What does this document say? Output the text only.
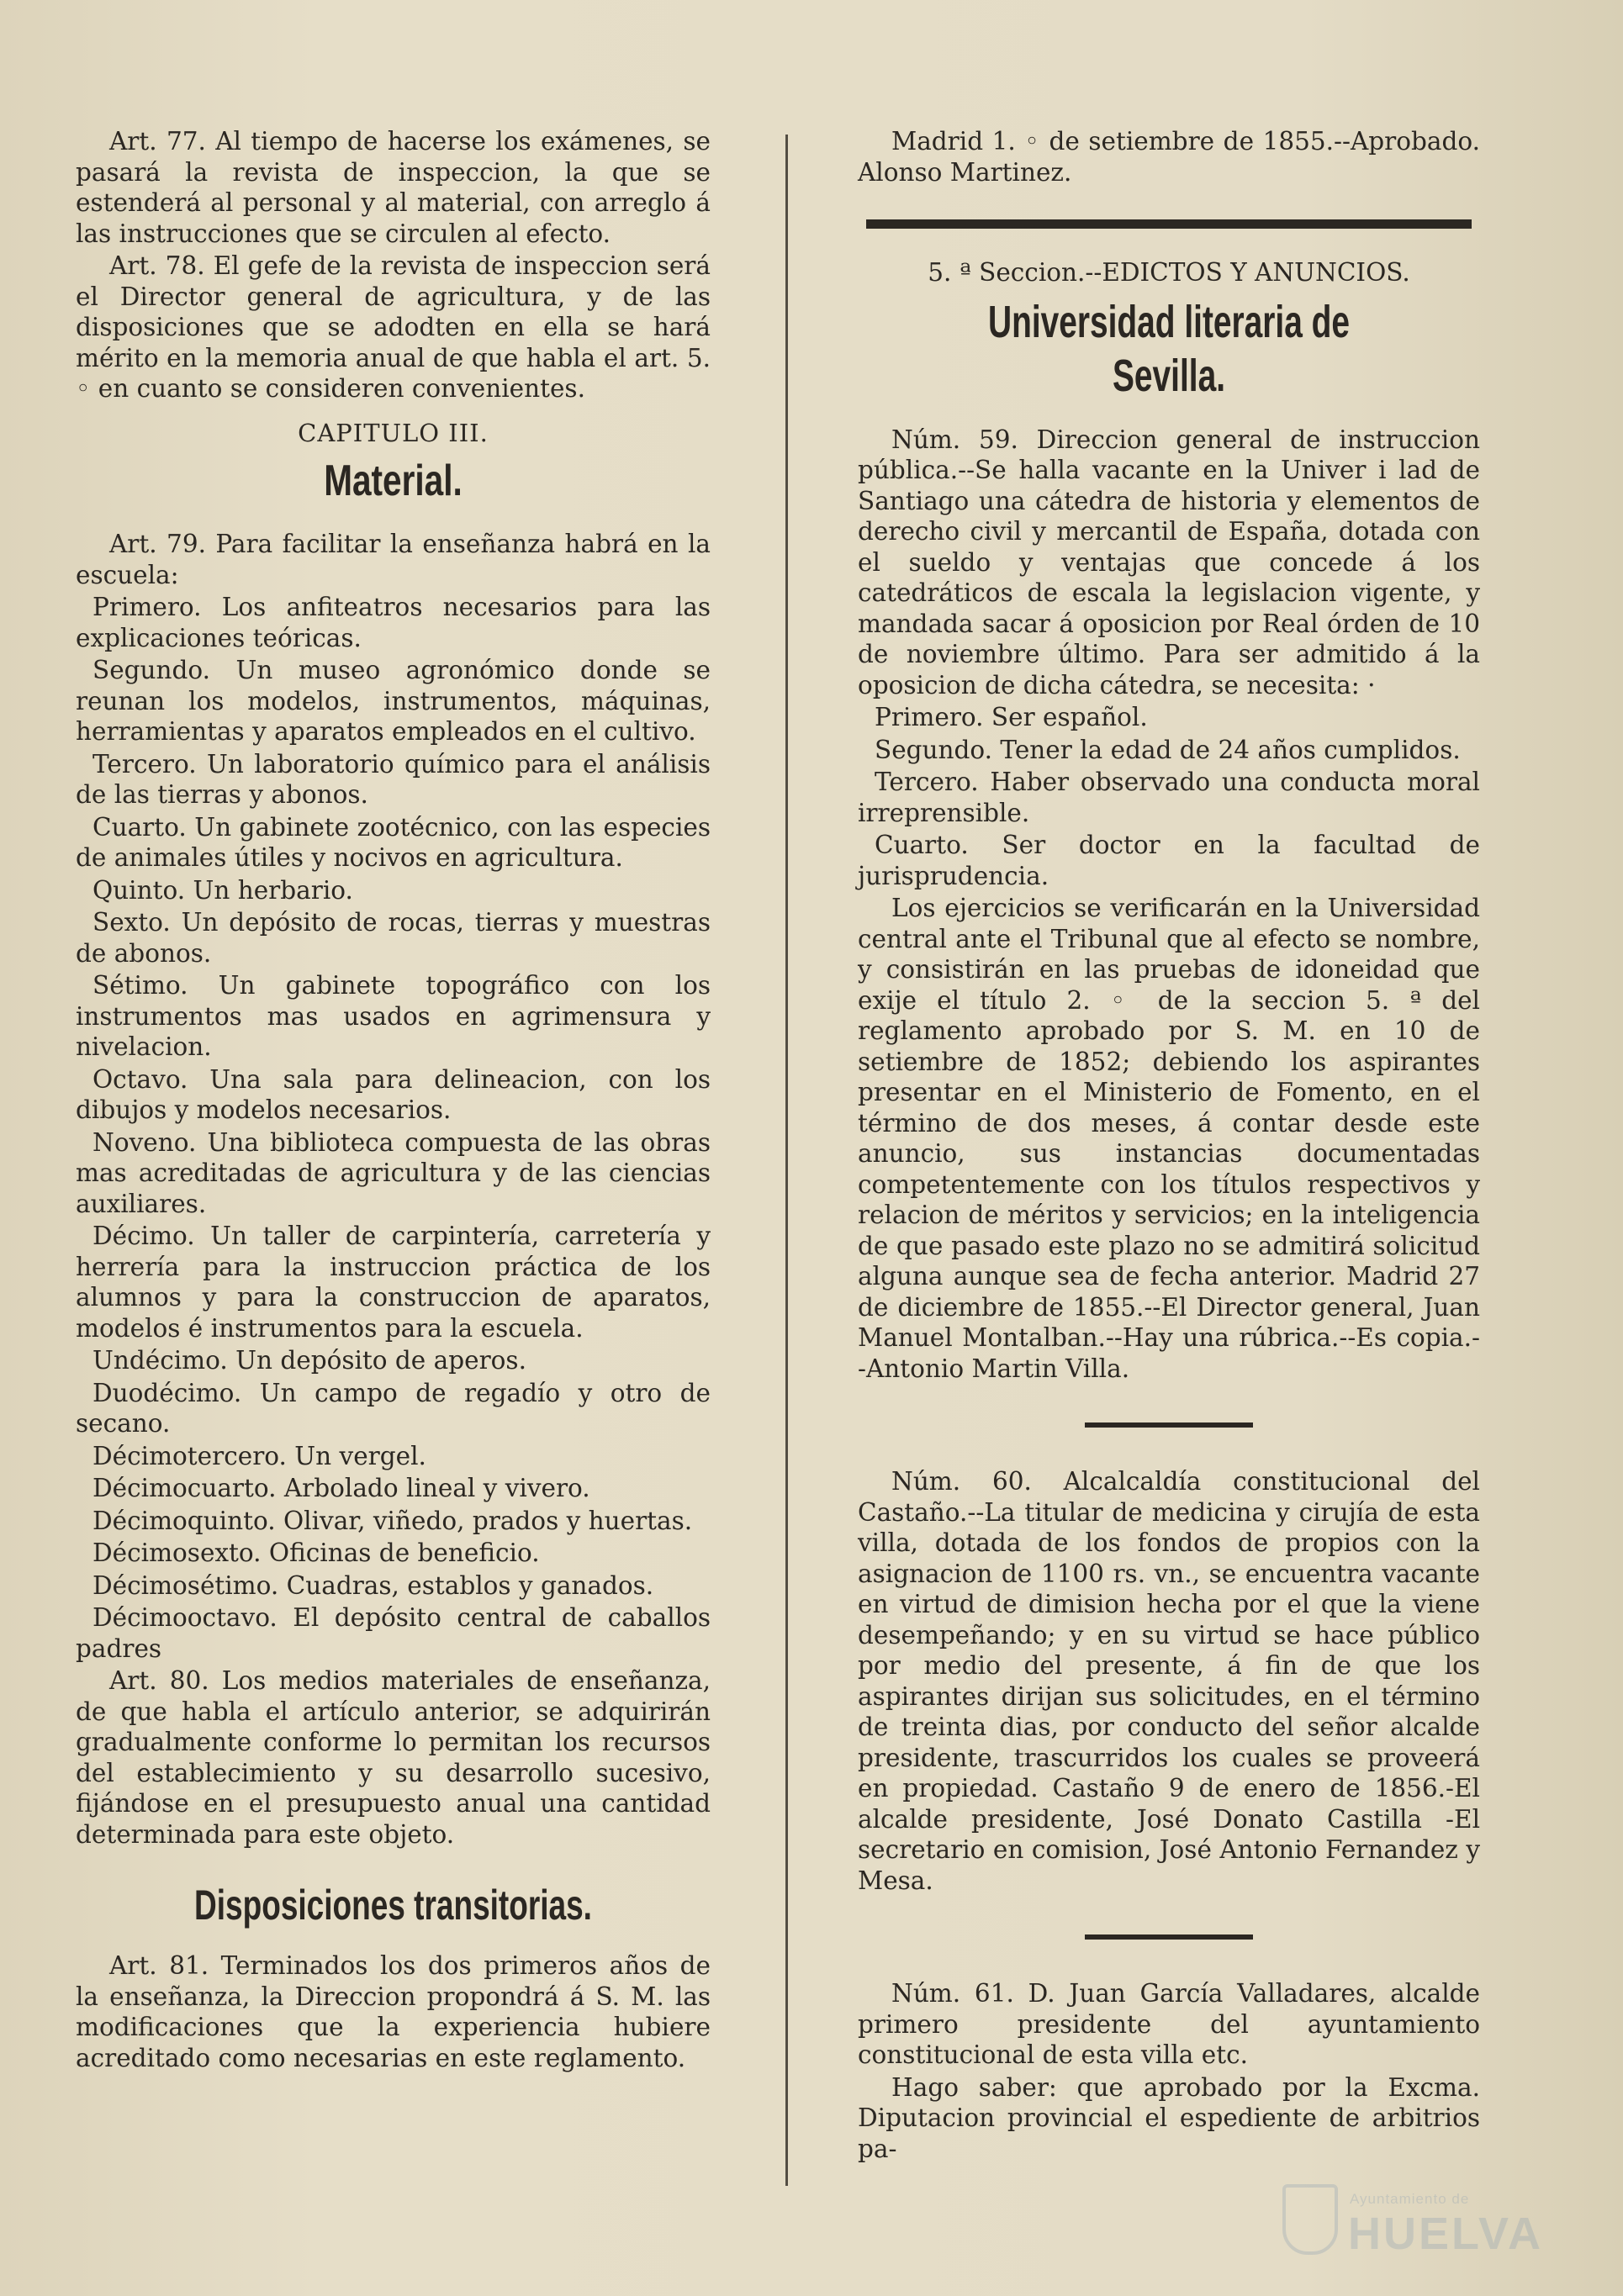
Art. 77. Al tiempo de hacerse los exámenes, se pasará la revista de inspeccion, la que se estenderá al personal y al material, con arreglo á las instrucciones que se circulen al efecto.

Art. 78. El gefe de la revista de inspeccion será el Director general de agricultura, y de las disposiciones que se adodten en ella se hará mérito en la memoria anual de que habla el art. 5. ◦ en cuanto se consideren convenientes.

CAPITULO III.

Material.

Art. 79. Para facilitar la enseñanza habrá en la escuela:

Primero. Los anfiteatros necesarios para las explicaciones teóricas.

Segundo. Un museo agronómico donde se reunan los modelos, instrumentos, máquinas, herramientas y aparatos empleados en el cultivo.

Tercero. Un laboratorio químico para el análisis de las tierras y abonos.

Cuarto. Un gabinete zootécnico, con las especies de animales útiles y nocivos en agricultura.

Quinto. Un herbario.

Sexto. Un depósito de rocas, tierras y muestras de abonos.

Sétimo. Un gabinete topográfico con los instrumentos mas usados en agrimensura y nivelacion.

Octavo. Una sala para delineacion, con los dibujos y modelos necesarios.

Noveno. Una biblioteca compuesta de las obras mas acreditadas de agricultura y de las ciencias auxiliares.

Décimo. Un taller de carpintería, carretería y herrería para la instruccion práctica de los alumnos y para la construccion de aparatos, modelos é instrumentos para la escuela.

Undécimo. Un depósito de aperos.

Duodécimo. Un campo de regadío y otro de secano.

Décimotercero. Un vergel.

Décimocuarto. Arbolado lineal y vivero.

Décimoquinto. Olivar, viñedo, prados y huertas.

Décimosexto. Oficinas de beneficio.

Décimosétimo. Cuadras, establos y ganados.

Décimooctavo. El depósito central de caballos padres

Art. 80. Los medios materiales de enseñanza, de que habla el artículo anterior, se adquirirán gradualmente conforme lo permitan los recursos del establecimiento y su desarrollo sucesivo, fijándose en el presupuesto anual una cantidad determinada para este objeto.

Disposiciones transitorias.

Art. 81. Terminados los dos primeros años de la enseñanza, la Direccion propondrá á S. M. las modificaciones que la experiencia hubiere acreditado como necesarias en este reglamento.

Madrid 1. ◦ de setiembre de 1855.--Aprobado. Alonso Martinez.

5. ª Seccion.--EDICTOS Y ANUNCIOS.

Universidad literaria de Sevilla.

Núm. 59. Direccion general de instruccion pública.--Se halla vacante en la Univer i lad de Santiago una cátedra de historia y elementos de derecho civil y mercantil de España, dotada con el sueldo y ventajas que concede á los catedráticos de escala la legislacion vigente, y mandada sacar á oposicion por Real órden de 10 de noviembre último. Para ser admitido á la oposicion de dicha cátedra, se necesita: ·

Primero. Ser español.

Segundo. Tener la edad de 24 años cumplidos.

Tercero. Haber observado una conducta moral irreprensible.

Cuarto. Ser doctor en la facultad de jurisprudencia.

Los ejercicios se verificarán en la Universidad central ante el Tribunal que al efecto se nombre, y consistirán en las pruebas de idoneidad que exije el título 2. ◦ de la seccion 5. ª del reglamento aprobado por S. M. en 10 de setiembre de 1852; debiendo los aspirantes presentar en el Ministerio de Fomento, en el término de dos meses, á contar desde este anuncio, sus instancias documentadas competentemente con los títulos respectivos y relacion de méritos y servicios; en la inteligencia de que pasado este plazo no se admitirá solicitud alguna aunque sea de fecha anterior. Madrid 27 de diciembre de 1855.--El Director general, Juan Manuel Montalban.--Hay una rúbrica.--Es copia.--Antonio Martin Villa.

Núm. 60. Alcalcaldía constitucional del Castaño.--La titular de medicina y cirujía de esta villa, dotada de los fondos de propios con la asignacion de 1100 rs. vn., se encuentra vacante en virtud de dimision hecha por el que la viene desempeñando; y en su virtud se hace público por medio del presente, á fin de que los aspirantes dirijan sus solicitudes, en el término de treinta dias, por conducto del señor alcalde presidente, trascurridos los cuales se proveerá en propiedad. Castaño 9 de enero de 1856.-El alcalde presidente, José Donato Castilla -El secretario en comision, José Antonio Fernandez y Mesa.

Núm. 61. D. Juan García Valladares, alcalde primero presidente del ayuntamiento constitucional de esta villa etc.

Hago saber: que aprobado por la Excma. Diputacion provincial el espediente de arbitrios pa-

Ayuntamiento de
HUELVA
